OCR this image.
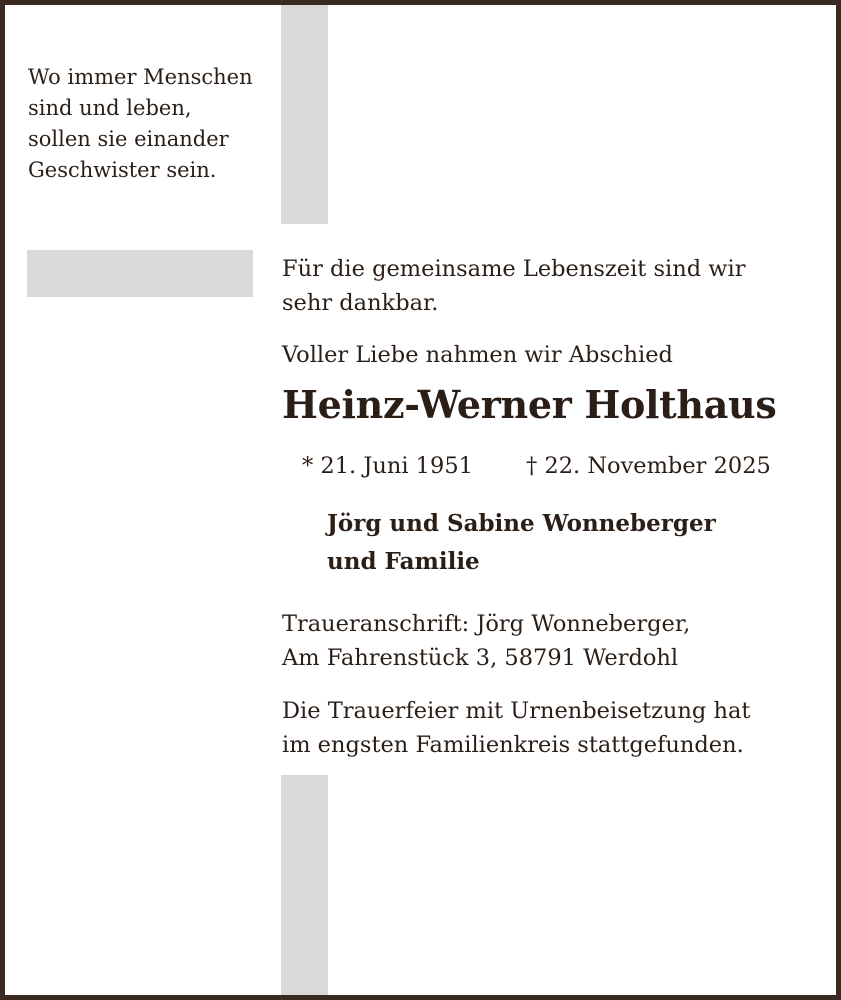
Wo immer Menschen
sind und leben,
sollen sie einander
Geschwister sein.
Für die gemeinsame Lebenszeit sind wir
sehr dankbar.
Voller Liebe nahmen wir Abschied
Heinz-Werner Holthaus
* 21. Juni 1951 † 22. November 2025
Jörg und Sabine Wonneberger
und Familie
Traueranschrift: Jörg Wonneberger,
Am Fahrenstück 3, 58791 Werdohl
Die Trauerfeier mit Urnenbeisetzung hat
im engsten Familienkreis stattgefunden.
